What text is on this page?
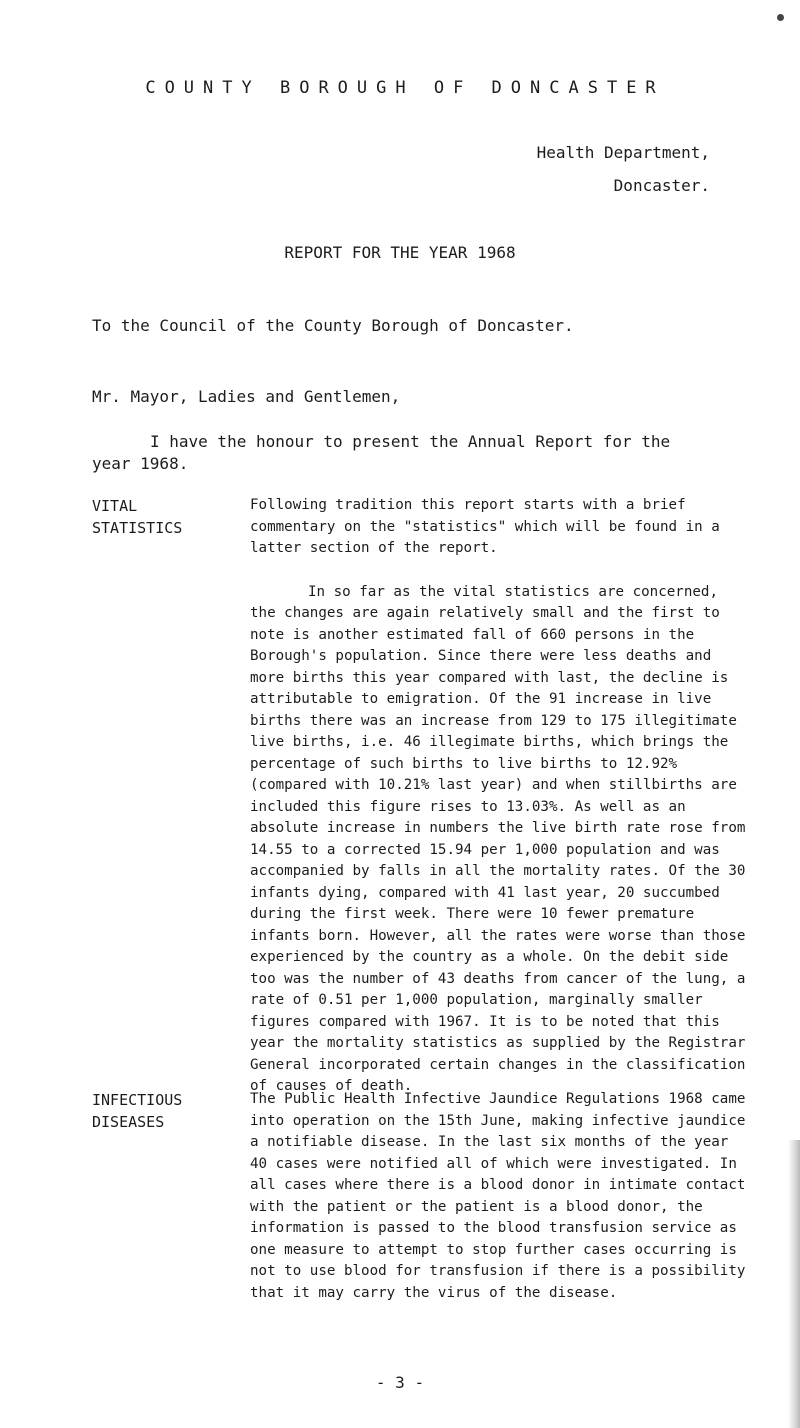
COUNTY BOROUGH OF DONCASTER
Health Department,
Doncaster.
REPORT FOR THE YEAR 1968
To the Council of the County Borough of Doncaster.
Mr. Mayor, Ladies and Gentlemen,
I have the honour to present the Annual Report for the
year 1968.
VITAL
STATISTICS

Following tradition this report starts with a brief commentary on the "statistics" which will be found in a latter section of the report.

In so far as the vital statistics are concerned, the changes are again relatively small and the first to note is another estimated fall of 660 persons in the Borough's population. Since there were less deaths and more births this year compared with last, the decline is attributable to emigration. Of the 91 increase in live births there was an increase from 129 to 175 illegitimate live births, i.e. 46 illegimate births, which brings the percentage of such births to live births to 12.92% (compared with 10.21% last year) and when stillbirths are included this figure rises to 13.03%. As well as an absolute increase in numbers the live birth rate rose from 14.55 to a corrected 15.94 per 1,000 population and was accompanied by falls in all the mortality rates. Of the 30 infants dying, compared with 41 last year, 20 succumbed during the first week. There were 10 fewer premature infants born. However, all the rates were worse than those experienced by the country as a whole. On the debit side too was the number of 43 deaths from cancer of the lung, a rate of 0.51 per 1,000 population, marginally smaller figures compared with 1967. It is to be noted that this year the mortality statistics as supplied by the Registrar General incorporated certain changes in the classification of causes of death.

INFECTIOUS
DISEASES

The Public Health Infective Jaundice Regulations 1968 came into operation on the 15th June, making infective jaundice a notifiable disease. In the last six months of the year 40 cases were notified all of which were investigated. In all cases where there is a blood donor in intimate contact with the patient or the patient is a blood donor, the information is passed to the blood transfusion service as one measure to attempt to stop further cases occurring is not to use blood for transfusion if there is a possibility that it may carry the virus of the disease.

- 3 -
